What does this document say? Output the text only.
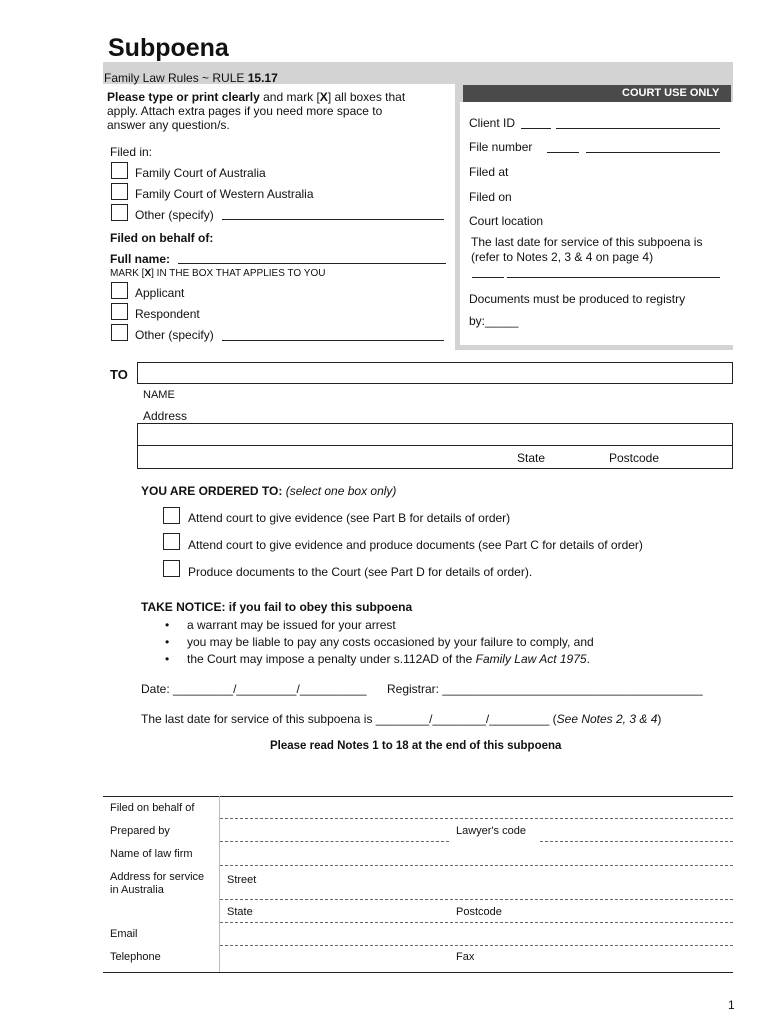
Subpoena
Family Law Rules ~ RULE 15.17
COURT USE ONLY
Please type or print clearly and mark [X] all boxes that
apply. Attach extra pages if you need more space to
answer any question/s.
Filed in:
Family Court of Australia
Family Court of Western Australia
Other (specify)
Filed on behalf of:
Full name:
MARK [X] IN THE BOX THAT APPLIES TO YOU
Applicant
Respondent
Other (specify)
Client ID
File number
Filed at
Filed on
Court location
The last date for service of this subpoena is
(refer to Notes 2, 3 & 4 on page 4)
Documents must be produced to registry
by:_____
TO
NAME
Address
State	Postcode
YOU ARE ORDERED TO: (select one box only)
Attend court to give evidence (see Part B for details of order)
Attend court to give evidence and produce documents (see Part C for details of order)
Produce documents to the Court (see Part D for details of order).
TAKE NOTICE: if you fail to obey this subpoena
• a warrant may be issued for your arrest
• you may be liable to pay any costs occasioned by your failure to comply, and
• the Court may impose a penalty under s.112AD of the Family Law Act 1975.
Date: _________/_________/__________ Registrar: _______________________________________
The last date for service of this subpoena is ________/________/_________ (See Notes 2, 3 & 4)
Please read Notes 1 to 18 at the end of this subpoena
Filed on behalf of
Prepared by	Lawyer's code
Name of law firm
Address for service
in Australia
Street
State	Postcode
Email
Telephone	Fax
1
